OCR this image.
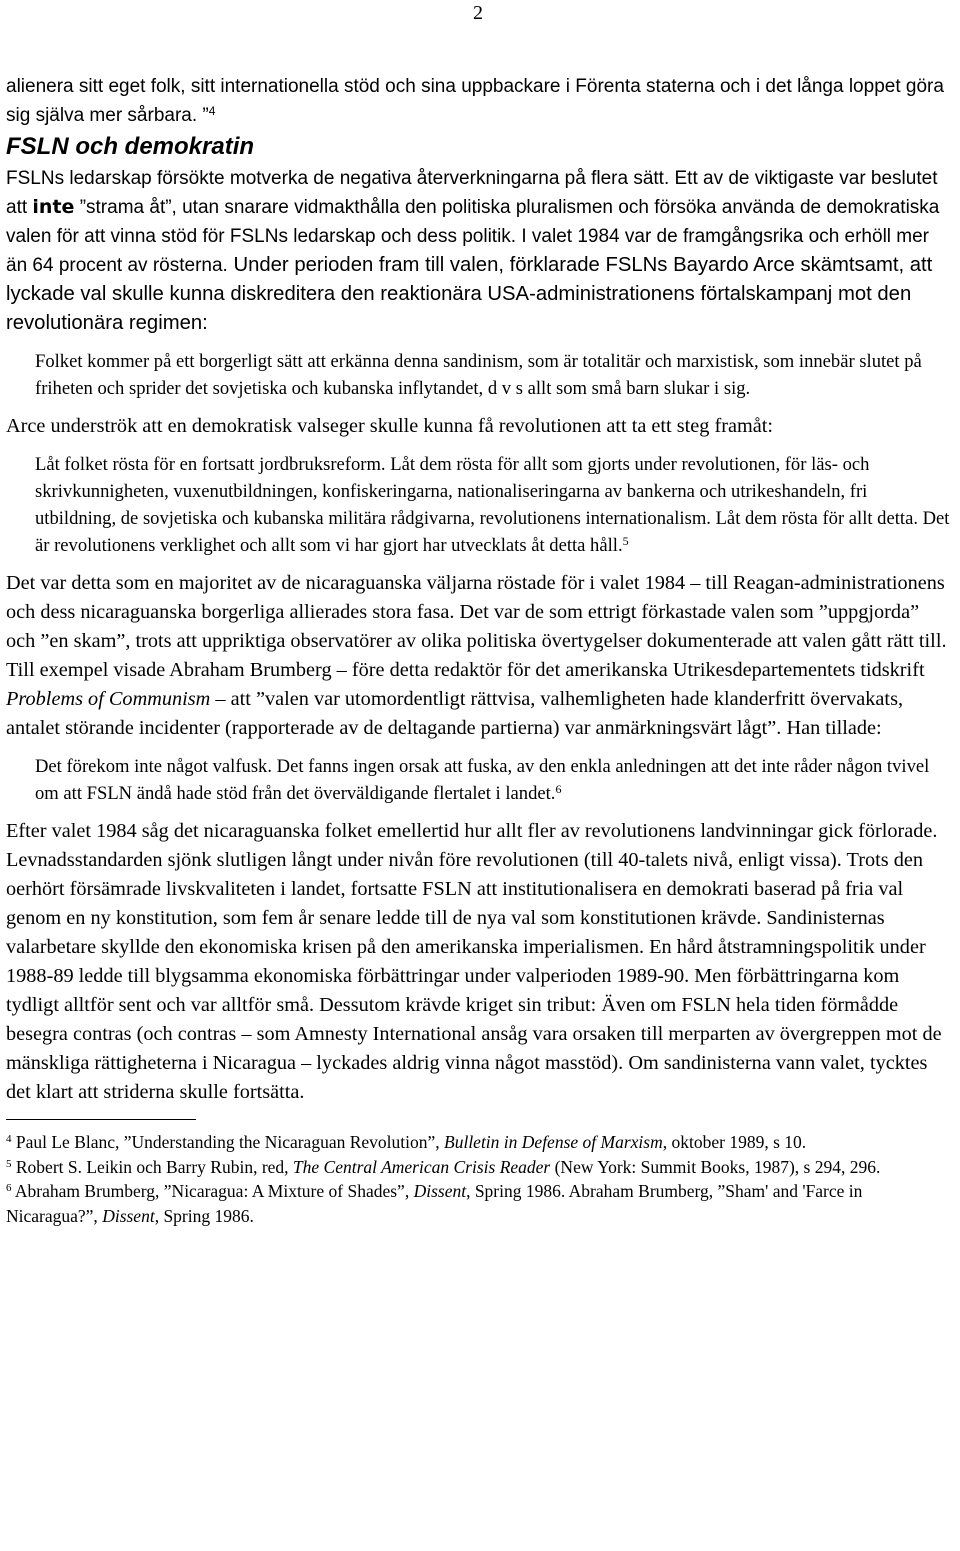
2

alienera sitt eget folk, sitt internationella stöd och sina uppbackare i Förenta staterna och i det långa loppet göra sig själva mer sårbara. ”$^4$

FSLN och demokratin

FSLNs ledarskap försökte motverka de negativa återverkningarna på flera sätt. Ett av de viktigaste var beslutet att inte ”strama åt”, utan snarare vidmakthålla den politiska pluralismen och försöka använda de demokratiska valen för att vinna stöd för FSLNs ledarskap och dess politik. I valet 1984 var de framgångsrika och erhöll mer än 64 procent av rösterna. Under perioden fram till valen, förklarade FSLNs Bayardo Arce skämtsamt, att lyckade val skulle kunna diskreditera den reaktionära USA-administrationens förtalskampanj mot den revolutionära regimen:

Folket kommer på ett borgerligt sätt att erkänna denna sandinism, som är totalitär och marxistisk, som innebär slutet på friheten och sprider det sovjetiska och kubanska inflytandet, d v s allt som små barn slukar i sig.

Arce underströk att en demokratisk valseger skulle kunna få revolutionen att ta ett steg framåt:

Låt folket rösta för en fortsatt jordbruksreform. Låt dem rösta för allt som gjorts under revolutionen, för läs- och skrivkunnigheten, vuxenutbildningen, konfiskeringarna, nationaliseringarna av bankerna och utrikeshandeln, fri utbildning, de sovjetiska och kubanska militära rådgivarna, revolutionens internationalism. Låt dem rösta för allt detta. Det är revolutionens verklighet och allt som vi har gjort har utvecklats åt detta håll.$^5$

Det var detta som en majoritet av de nicaraguanska väljarna röstade för i valet 1984 – till Reagan-administrationens och dess nicaraguanska borgerliga allierades stora fasa. Det var de som ettrigt förkastade valen som ”uppgjorda” och ”en skam”, trots att uppriktiga observatörer av olika politiska övertygelser dokumenterade att valen gått rätt till. Till exempel visade Abraham Brumberg – före detta redaktör för det amerikanska Utrikesdepartementets tidskrift Problems of Communism – att ”valen var utomordentligt rättvisa, valhemligheten hade klanderfritt övervakats, antalet störande incidenter (rapporterade av de deltagande partierna) var anmärkningsvärt lågt”. Han tillade:

Det förekom inte något valfusk. Det fanns ingen orsak att fuska, av den enkla anledningen att det inte råder någon tvivel om att FSLN ändå hade stöd från det överväldigande flertalet i landet.$^6$

Efter valet 1984 såg det nicaraguanska folket emellertid hur allt fler av revolutionens landvinningar gick förlorade. Levnadsstandarden sjönk slutligen långt under nivån före revolutionen (till 40-talets nivå, enligt vissa). Trots den oerhört försämrade livskvaliteten i landet, fortsatte FSLN att institutionalisera en demokrati baserad på fria val genom en ny konstitution, som fem år senare ledde till de nya val som konstitutionen krävde. Sandinisternas valarbetare skyllde den ekonomiska krisen på den amerikanska imperialismen. En hård åtstramningspolitik under 1988-89 ledde till blygsamma ekonomiska förbättringar under valperioden 1989-90. Men förbättringarna kom tydligt alltför sent och var alltför små. Dessutom krävde kriget sin tribut: Även om FSLN hela tiden förmådde besegra contras (och contras – som Amnesty International ansåg vara orsaken till merparten av övergreppen mot de mänskliga rättigheterna i Nicaragua – lyckades aldrig vinna något masstöd). Om sandinisterna vann valet, tycktes det klart att striderna skulle fortsätta.

$^4$ Paul Le Blanc, ”Understanding the Nicaraguan Revolution”, Bulletin in Defense of Marxism, oktober 1989, s 10.

$^5$ Robert S. Leikin och Barry Rubin, red, The Central American Crisis Reader (New York: Summit Books, 1987), s 294, 296.

$^6$ Abraham Brumberg, ”Nicaragua: A Mixture of Shades”, Dissent, Spring 1986. Abraham Brumberg, ”Sham' and 'Farce in Nicaragua?”, Dissent, Spring 1986.
